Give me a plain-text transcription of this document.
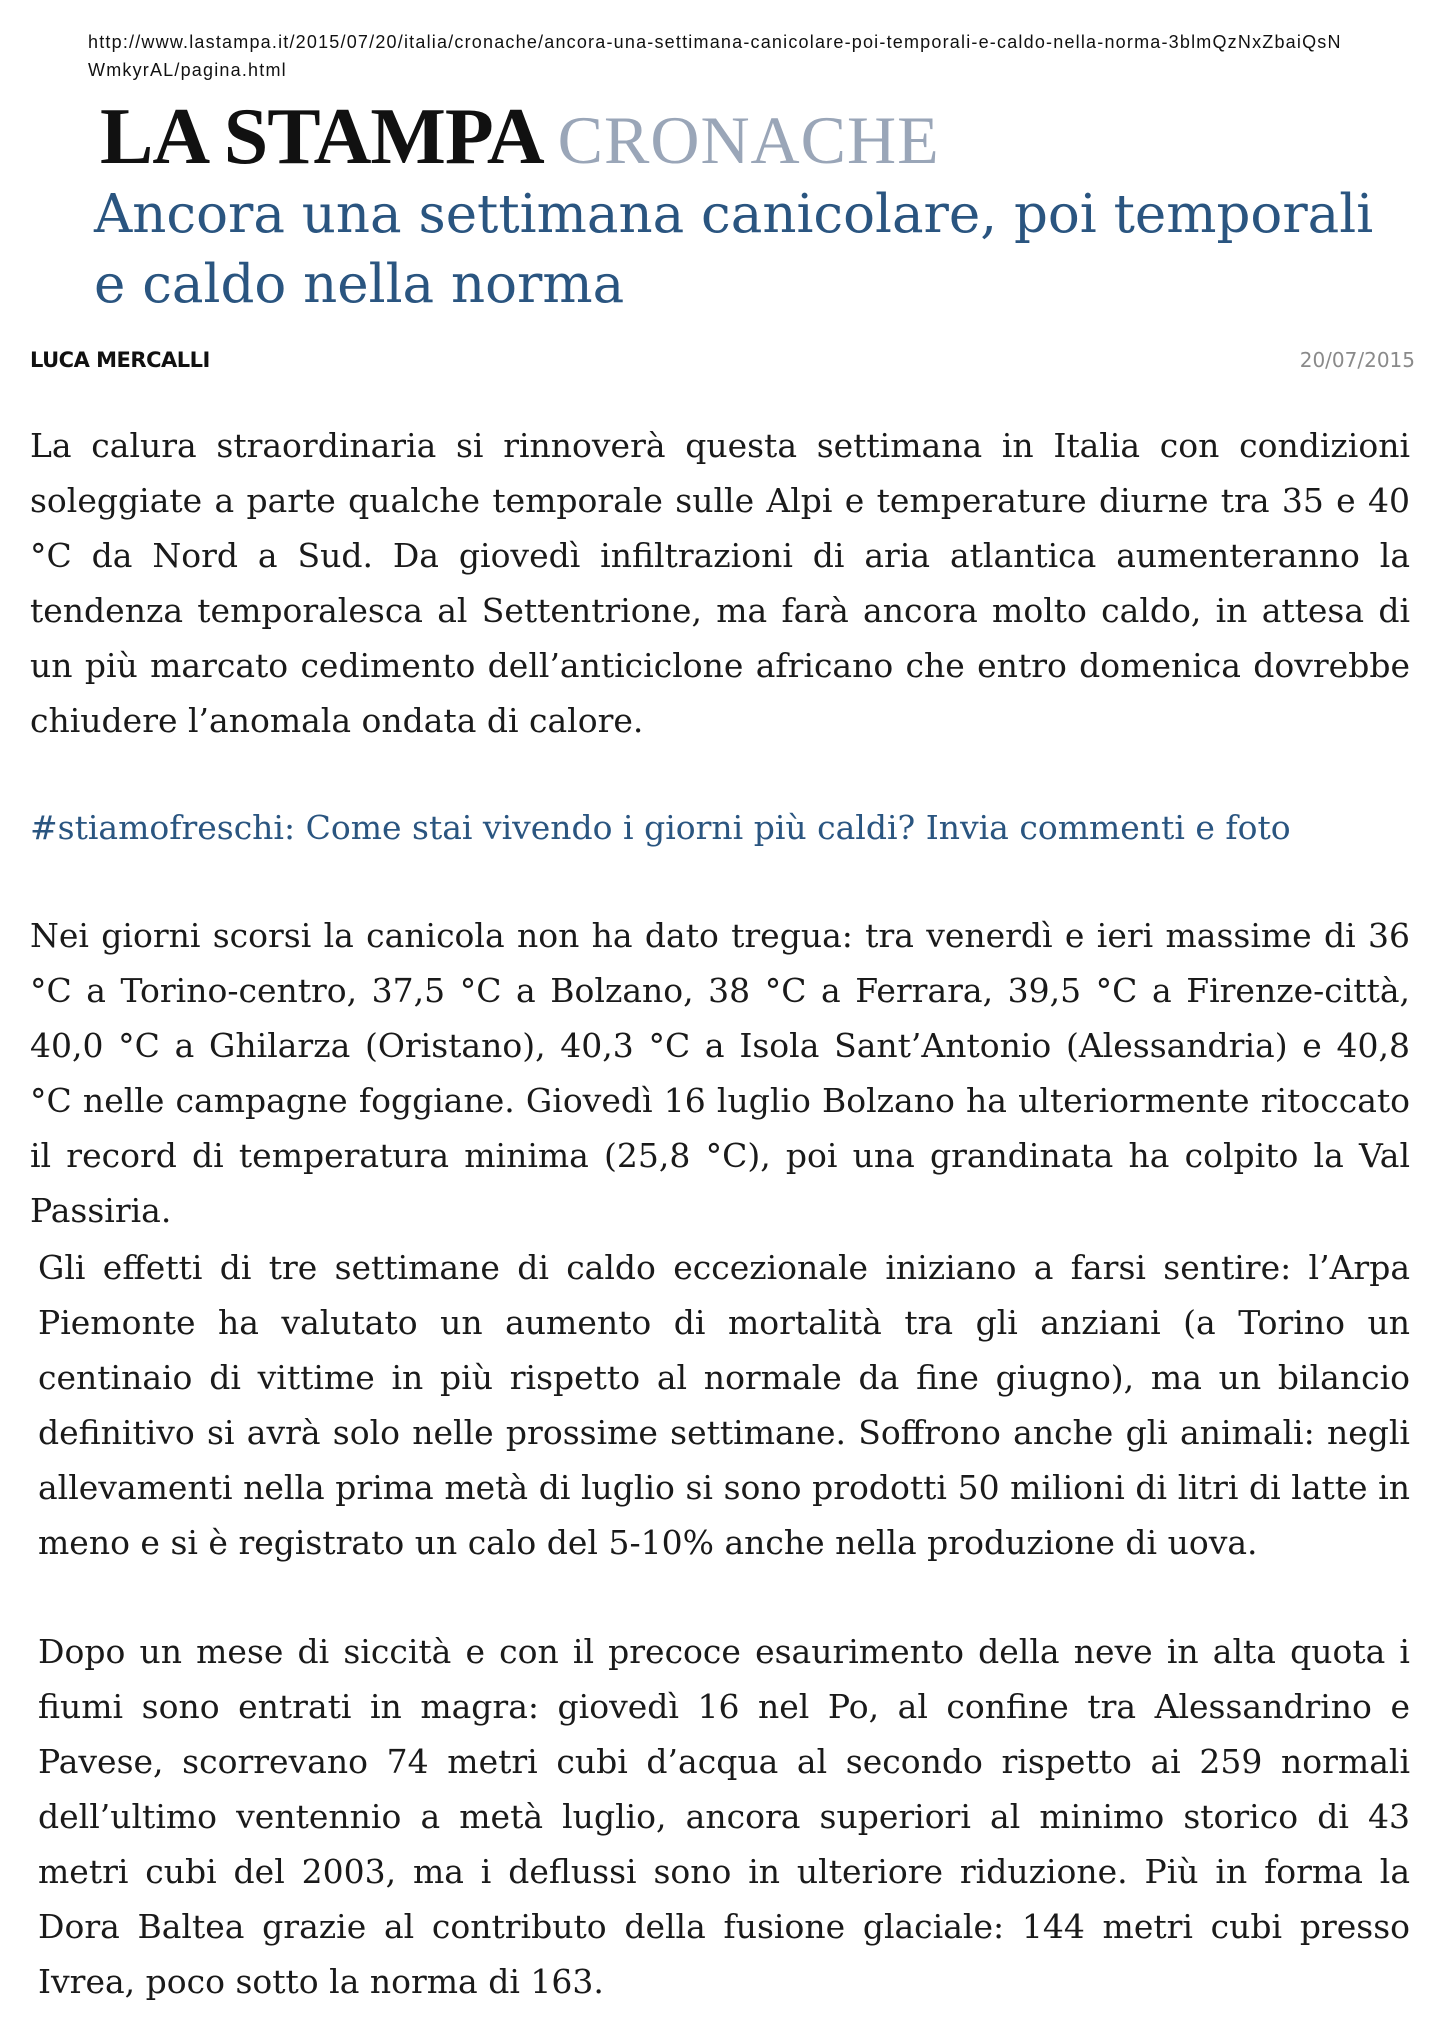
http://www.lastampa.it/2015/07/20/italia/cronache/ancora-una-settimana-canicolare-poi-temporali-e-caldo-nella-norma-3blmQzNxZbaiQsNWmkyrAL/pagina.html
LA STAMPA CRONACHE
Ancora una settimana canicolare, poi temporali e caldo nella norma
LUCA MERCALLI	20/07/2015

La calura straordinaria si rinnoverà questa settimana in Italia con condizioni soleggiate a parte qualche temporale sulle Alpi e temperature diurne tra 35 e 40 °C da Nord a Sud. Da giovedì infiltrazioni di aria atlantica aumenteranno la tendenza temporalesca al Settentrione, ma farà ancora molto caldo, in attesa di un più marcato cedimento dell’anticiclone africano che entro domenica dovrebbe chiudere l’anomala ondata di calore.

#stiamofreschi: Come stai vivendo i giorni più caldi? Invia commenti e foto

Nei giorni scorsi la canicola non ha dato tregua: tra venerdì e ieri massime di 36 °C a Torino-centro, 37,5 °C a Bolzano, 38 °C a Ferrara, 39,5 °C a Firenze-città, 40,0 °C a Ghilarza (Oristano), 40,3 °C a Isola Sant’Antonio (Alessandria) e 40,8 °C nelle campagne foggiane. Giovedì 16 luglio Bolzano ha ulteriormente ritoccato il record di temperatura minima (25,8 °C), poi una grandinata ha colpito la Val Passiria.

Gli effetti di tre settimane di caldo eccezionale iniziano a farsi sentire: l’Arpa Piemonte ha valutato un aumento di mortalità tra gli anziani (a Torino un centinaio di vittime in più rispetto al normale da fine giugno), ma un bilancio definitivo si avrà solo nelle prossime settimane. Soffrono anche gli animali: negli allevamenti nella prima metà di luglio si sono prodotti 50 milioni di litri di latte in meno e si è registrato un calo del 5-10% anche nella produzione di uova.

Dopo un mese di siccità e con il precoce esaurimento della neve in alta quota i fiumi sono entrati in magra: giovedì 16 nel Po, al confine tra Alessandrino e Pavese, scorrevano 74 metri cubi d’acqua al secondo rispetto ai 259 normali dell’ultimo ventennio a metà luglio, ancora superiori al minimo storico di 43 metri cubi del 2003, ma i deflussi sono in ulteriore riduzione. Più in forma la Dora Baltea grazie al contributo della fusione glaciale: 144 metri cubi presso Ivrea, poco sotto la norma di 163.
